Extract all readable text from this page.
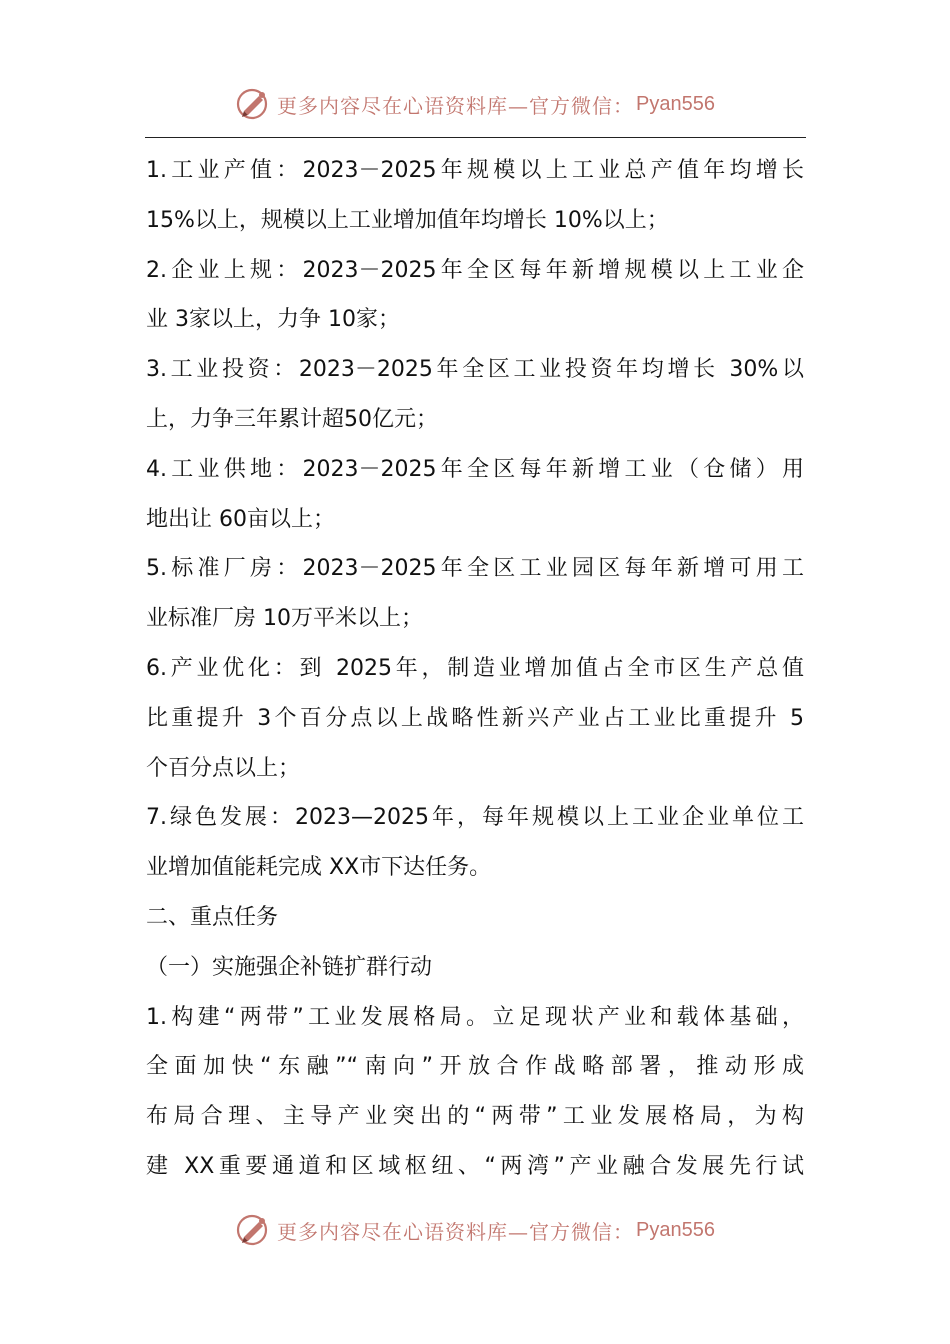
更多内容尽在心语资料库—官方微信： Pyan556
1.工业产值：2023－2025年规模以上工业总产值年均增长
15%以上，规模以上工业增加值年均增长 10%以上；
2.企业上规：2023－2025年全区每年新增规模以上工业企
业 3家以上，力争 10家；
3.工业投资：2023－2025年全区工业投资年均增长 30%以
上，力争三年累计超50亿元；
4.工业供地：2023－2025年全区每年新增工业（仓储）用
地出让 60亩以上；
5.标准厂房：2023－2025年全区工业园区每年新增可用工
业标准厂房 10万平米以上；
6.产业优化：到 2025年，制造业增加值占全市区生产总值
比重提升 3个百分点以上战略性新兴产业占工业比重提升 5
个百分点以上；
7.绿色发展：2023—2025年，每年规模以上工业企业单位工
业增加值能耗完成 XX市下达任务。
二、重点任务
（一）实施强企补链扩群行动
1.构建“两带”工业发展格局。立足现状产业和载体基础，
全面加快“东融”“南向”开放合作战略部署，推动形成
布局合理、主导产业突出的“两带”工业发展格局，为构
建 XX重要通道和区域枢纽、“两湾”产业融合发展先行试
更多内容尽在心语资料库—官方微信： Pyan556
